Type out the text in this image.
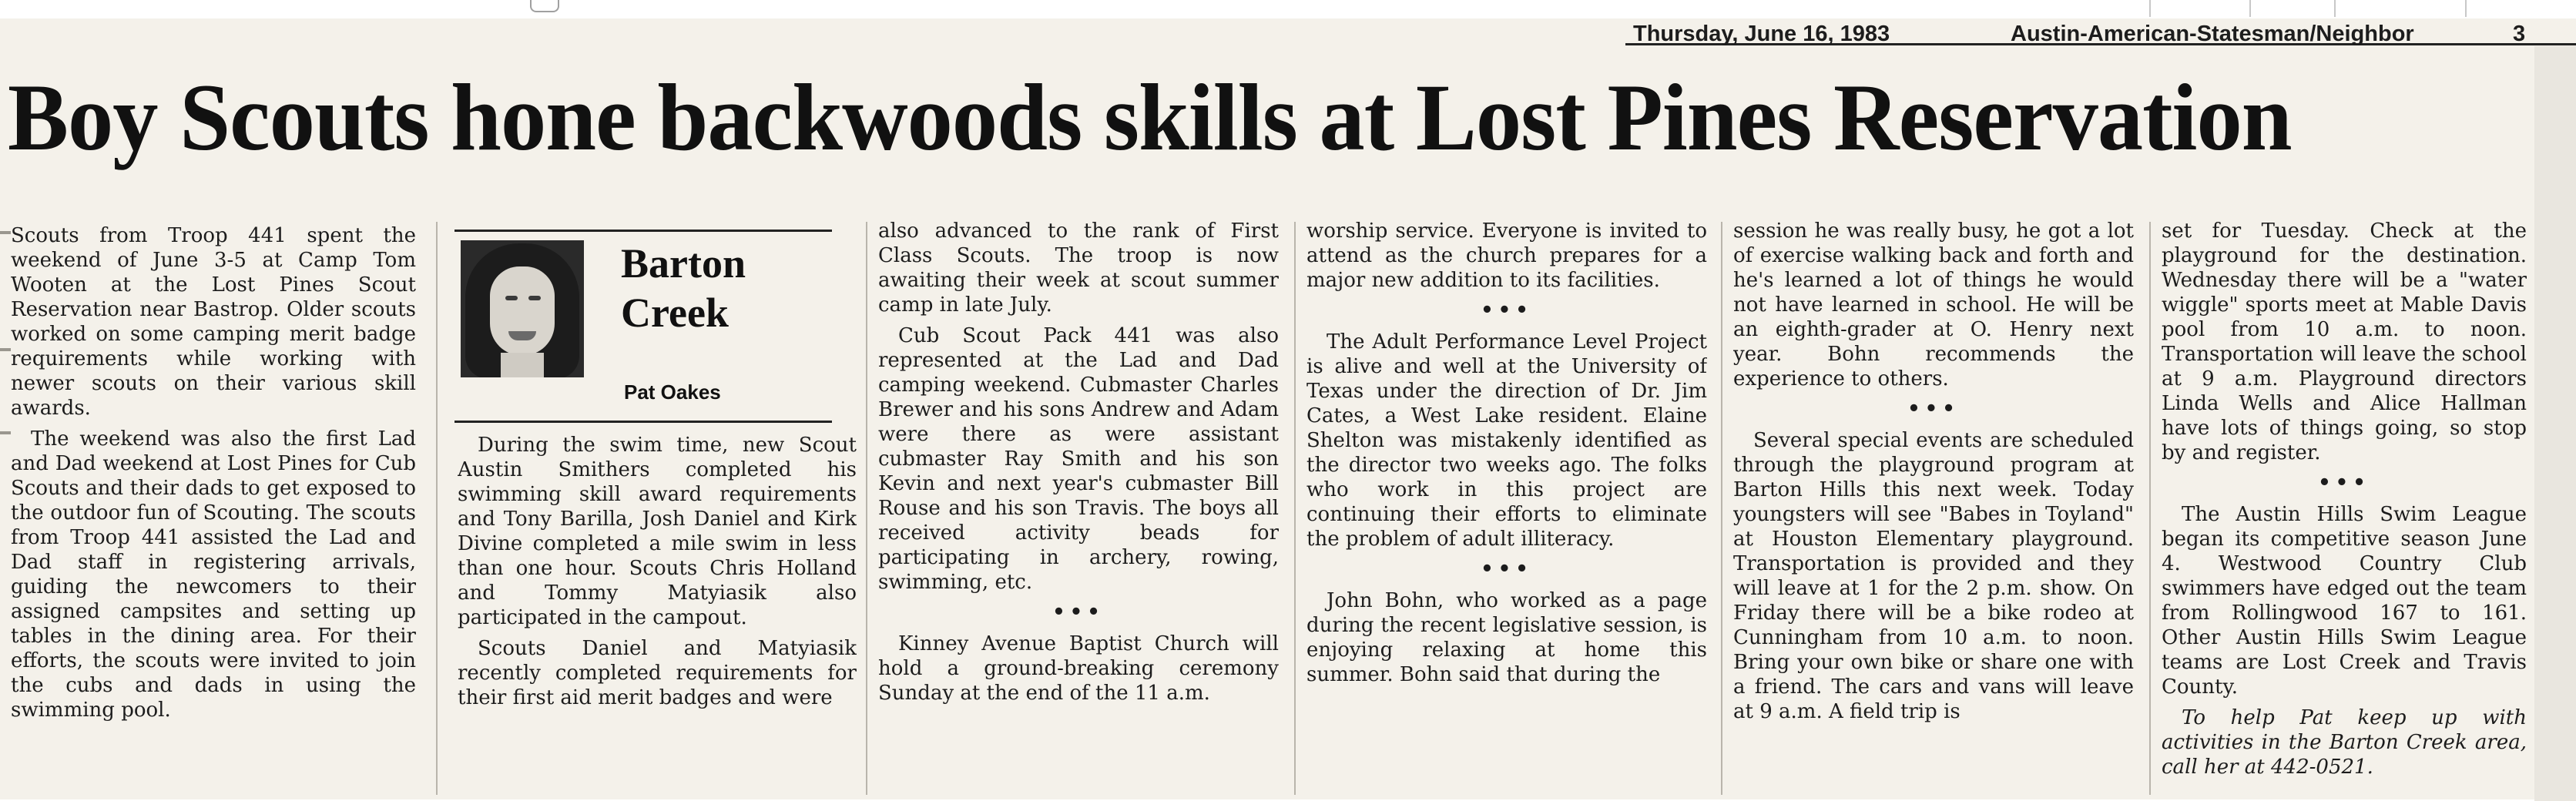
Thursday, June 16, 1983	Austin-American-Statesman/Neighbor	3
Boy Scouts hone backwoods skills at Lost Pines Reservation

Scouts from Troop 441 spent the weekend of June 3-5 at Camp Tom Wooten at the Lost Pines Scout Reservation near Bastrop. Older scouts worked on some camping merit badge requirements while working with newer scouts on their various skill awards.

The weekend was also the first Lad and Dad weekend at Lost Pines for Cub Scouts and their dads to get exposed to the outdoor fun of Scouting. The scouts from Troop 441 assisted the Lad and Dad staff in registering arrivals, guiding the newcomers to their assigned campsites and setting up tables in the dining area. For their efforts, the scouts were invited to join the cubs and dads in using the swimming pool.

Barton
Creek
Pat Oakes

During the swim time, new Scout Austin Smithers completed his swimming skill award requirements and Tony Barilla, Josh Daniel and Kirk Divine completed a mile swim in less than one hour. Scouts Chris Holland and Tommy Matyiasik also participated in the campout.

Scouts Daniel and Matyiasik recently completed requirements for their first aid merit badges and were

also advanced to the rank of First Class Scouts. The troop is now awaiting their week at scout summer camp in late July.

Cub Scout Pack 441 was also represented at the Lad and Dad camping weekend. Cubmaster Charles Brewer and his sons Andrew and Adam were there as were assistant cubmaster Ray Smith and his son Kevin and next year's cubmaster Bill Rouse and his son Travis. The boys all received activity beads for participating in archery, rowing, swimming, etc.

•••

Kinney Avenue Baptist Church will hold a ground-breaking ceremony Sunday at the end of the 11 a.m.

worship service. Everyone is invited to attend as the church prepares for a major new addition to its facilities.

•••

The Adult Performance Level Project is alive and well at the University of Texas under the direction of Dr. Jim Cates, a West Lake resident. Elaine Shelton was mistakenly identified as the director two weeks ago. The folks who work in this project are continuing their efforts to eliminate the problem of adult illiteracy.

•••

John Bohn, who worked as a page during the recent legislative session, is enjoying relaxing at home this summer. Bohn said that during the

session he was really busy, he got a lot of exercise walking back and forth and he's learned a lot of things he would not have learned in school. He will be an eighth-grader at O. Henry next year. Bohn recommends the experience to others.

•••

Several special events are scheduled through the playground program at Barton Hills this next week. Today youngsters will see "Babes in Toyland" at Houston Elementary playground. Transportation is provided and they will leave at 1 for the 2 p.m. show. On Friday there will be a bike rodeo at Cunningham from 10 a.m. to noon. Bring your own bike or share one with a friend. The cars and vans will leave at 9 a.m. A field trip is

set for Tuesday. Check at the playground for the destination. Wednesday there will be a "water wiggle" sports meet at Mable Davis pool from 10 a.m. to noon. Transportation will leave the school at 9 a.m. Playground directors Linda Wells and Alice Hallman have lots of things going, so stop by and register.

•••

The Austin Hills Swim League began its competitive season June 4. Westwood Country Club swimmers have edged out the team from Rollingwood 167 to 161. Other Austin Hills Swim League teams are Lost Creek and Travis County.

To help Pat keep up with activities in the Barton Creek area, call her at 442-0521.
